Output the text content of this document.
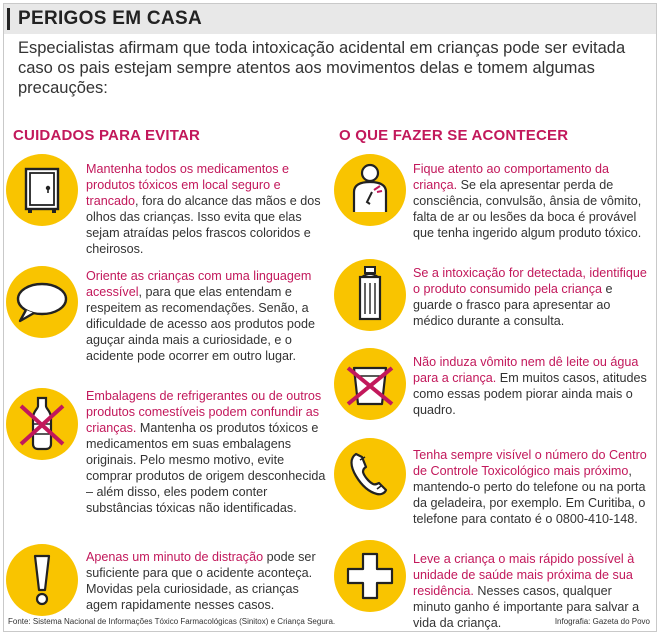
PERIGOS EM CASA

Especialistas afirmam que toda intoxicação acidental em crianças pode ser evitada caso os pais estejam sempre atentos aos movimentos delas e tomem algumas precauções:

CUIDADOS PARA EVITAR	O QUE FAZER SE ACONTECER

Mantenha todos os medicamentos e produtos tóxicos em local seguro e trancado, fora do alcance das mãos e dos olhos das crianças. Isso evita que elas sejam atraídas pelos frascos coloridos e cheirosos.

Oriente as crianças com uma linguagem acessível, para que elas entendam e respeitem as recomendações. Senão, a dificuldade de acesso aos produtos pode aguçar ainda mais a curiosidade, e o acidente pode ocorrer em outro lugar.

Embalagens de refrigerantes ou de outros produtos comestíveis podem confundir as crianças. Mantenha os produtos tóxicos e medicamentos em suas embalagens originais. Pelo mesmo motivo, evite comprar produtos de origem desconhecida – além disso, eles podem conter substâncias tóxicas não identificadas.

Apenas um minuto de distração pode ser suficiente para que o acidente aconteça. Movidas pela curiosidade, as crianças agem rapidamente nesses casos.

Fique atento ao comportamento da criança. Se ela apresentar perda de consciência, convulsão, ânsia de vômito, falta de ar ou lesões da boca é provável que tenha ingerido algum produto tóxico.

Se a intoxicação for detectada, identifique o produto consumido pela criança e guarde o frasco para apresentar ao médico durante a consulta.

Não induza vômito nem dê leite ou água para a criança. Em muitos casos, atitudes como essas podem piorar ainda mais o quadro.

Tenha sempre visível o número do Centro de Controle Toxicológico mais próximo, mantendo-o perto do telefone ou na porta da geladeira, por exemplo. Em Curitiba, o telefone para contato é o 0800-410-148.

Leve a criança o mais rápido possível à unidade de saúde mais próxima de sua residência. Nesses casos, qualquer minuto ganho é importante para salvar a vida da criança.

Fonte: Sistema Nacional de Informações Tóxico Farmacológicas (Sinitox) e Criança Segura.	Infografia: Gazeta do Povo
